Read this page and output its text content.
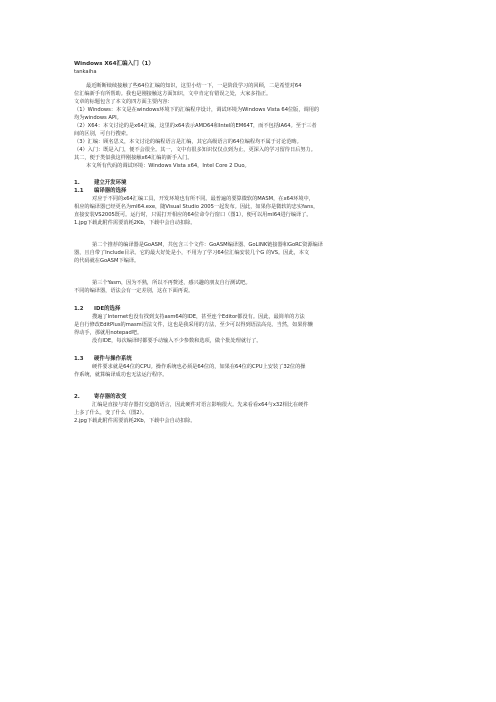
Windows X64汇编入门（1）
tankaiha
最近断断续续接触了些64位汇编的知识，这里小结一下，一是阶段学习的回顾，二是希望对64
位汇编新手有所帮助。我也是刚接触这方面知识，文中肯定有错误之处，大家多指正。
文章的标题包含了本文的四方面主要内容：
（1）Windows：本文是在windows环境下的汇编程序设计，调试环境为Windows Vista 64位版，调用的
均为windows API。
（2）X64：本文讨论的是x64汇编，这里的x64表示AMD64和Intel的EM64T，而不包括IA64。至于三者
间的区别，可自行搜索。
（3）汇编：顾名思义，本文讨论的编程语言是汇编，其它高级语言的64位编程均不属于讨论范畴。
（4）入门：既是入门，便不会很全。其一，文中有很多知识仅仅点到为止，更深入的学习留待日后努力。
其二，便于类似我这样刚接触x64汇编的新手入门。
本文所有代码的调试环境：Windows Vista x64，Intel Core 2 Duo。
1.	建立开发环境
1.1 编译器的选择
对应于不同的x64汇编工具，开发环境也有所不同。最普遍的要算微软的MASM，在x64环境中，
相应的编译器已经更名为ml64.exe，随Visual Studio 2005一起发布。因此，如果你是微软的忠实fans，
直接安装VS2005既可。运行时，只需打开相应的64位命令行窗口（图1），便可以用ml64进行编译了。
1.jpg下载此附件需要消耗2Kb，下载中会自动扣除。
第二个推荐的编译器是GoASM，共包含三个文件：GoASM编译器、GoLINK链接器和GoRC资源编译
器，且自带了Include目录。它的最大好处是小，不用为了学习64位汇编安装几个G 的VS。因此，本文
的代码就在GoASM下编译。
第三个Yasm，因为不熟，所以不再赘述，感兴趣的朋友自行测试吧。
不同的编译器，语法会有一定差别，这在下面再说。
1.2 IDE的选择
搜遍了Internet也没有找到支持asm64的IDE，甚至连个Editor都没有。因此，最简单的方法
是自行修改EditPlus的masm语法文件，这也是我采用的方法，至少可以得到语法高亮。当然，如果你懒
得动手，那就用notepad吧。
没有IDE，每次编译时都要手动输入不少参数和选项，做个批处理就行了。
1.3 硬件与操作系统
硬件要求就是64位的CPU。操作系统也必须是64位的，如果在64位的CPU上安装了32位的操
作系统，就算编译成功也无法运行程序。
2.	寄存器的改变
汇编是直接与寄存器打交道的语言，因此硬件对语言影响很大。先来看看x64与x32相比在硬件
上多了什么，变了什么（图2）。
2.jpg下载此附件需要消耗2Kb，下载中会自动扣除。
